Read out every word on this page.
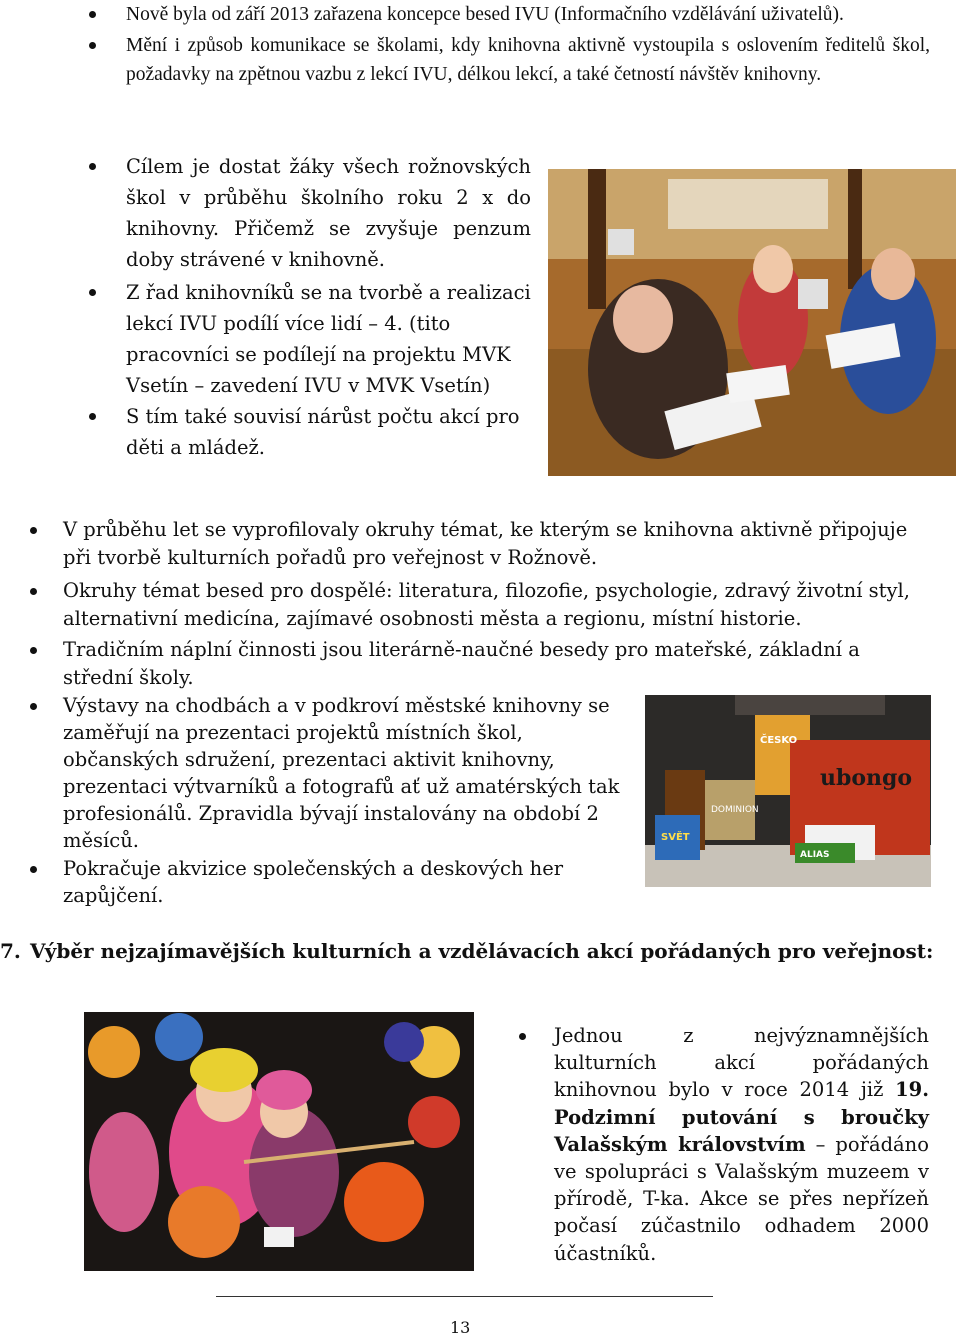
Nově byla od září 2013 zařazena koncepce besed IVU (Informačního vzdělávání uživatelů).
Mění i způsob komunikace se školami, kdy knihovna aktivně vystoupila s oslovením ředitelů škol, požadavky na zpětnou vazbu z lekcí IVU, délkou lekcí, a také četností návštěv knihovny.
Cílem je dostat žáky všech rožnovských škol v průběhu školního roku 2 x do knihovny. Přičemž se zvyšuje penzum doby strávené v knihovně.
Z řad knihovníků se na tvorbě a realizaci lekcí IVU podílí více lidí – 4. (tito pracovníci se podílejí na projektu MVK Vsetín – zavedení IVU v MVK Vsetín)
S tím také souvisí nárůst počtu akcí pro děti a mládež.
V průběhu let se vyprofilovaly okruhy témat, ke kterým se knihovna aktivně připojuje při tvorbě kulturních pořadů pro veřejnost v Rožnově.
Okruhy témat besed pro dospělé: literatura, filozofie, psychologie, zdravý životní styl, alternativní medicína, zajímavé osobnosti města a regionu, místní historie.
Tradičním náplní činnosti jsou literárně-naučné besedy pro mateřské, základní a střední školy.
Výstavy na chodbách a v podkroví městské knihovny se zaměřují na prezentaci projektů místních škol, občanských sdružení, prezentaci aktivit knihovny, prezentaci výtvarníků a fotografů ať už amatérských tak profesionálů. Zpravidla bývají instalovány na období 2 měsíců.
Pokračuje akvizice společenských a deskových her zapůjčení.
DOMINION
ČESKO
ubongo
SVĚT
ALIAS
7. Výběr nejzajímavějších kulturních a vzdělávacích akcí pořádaných pro veřejnost:
Jednou z nejvýznamnějších kulturních akcí pořádaných knihovnou bylo v roce 2014 již 19. Podzimní putování s broučky Valašským královstvím – pořádáno ve spolupráci s Valašským muzeem v přírodě, T-ka. Akce se přes nepřízeň počasí zúčastnilo odhadem 2000 účastníků.
13
